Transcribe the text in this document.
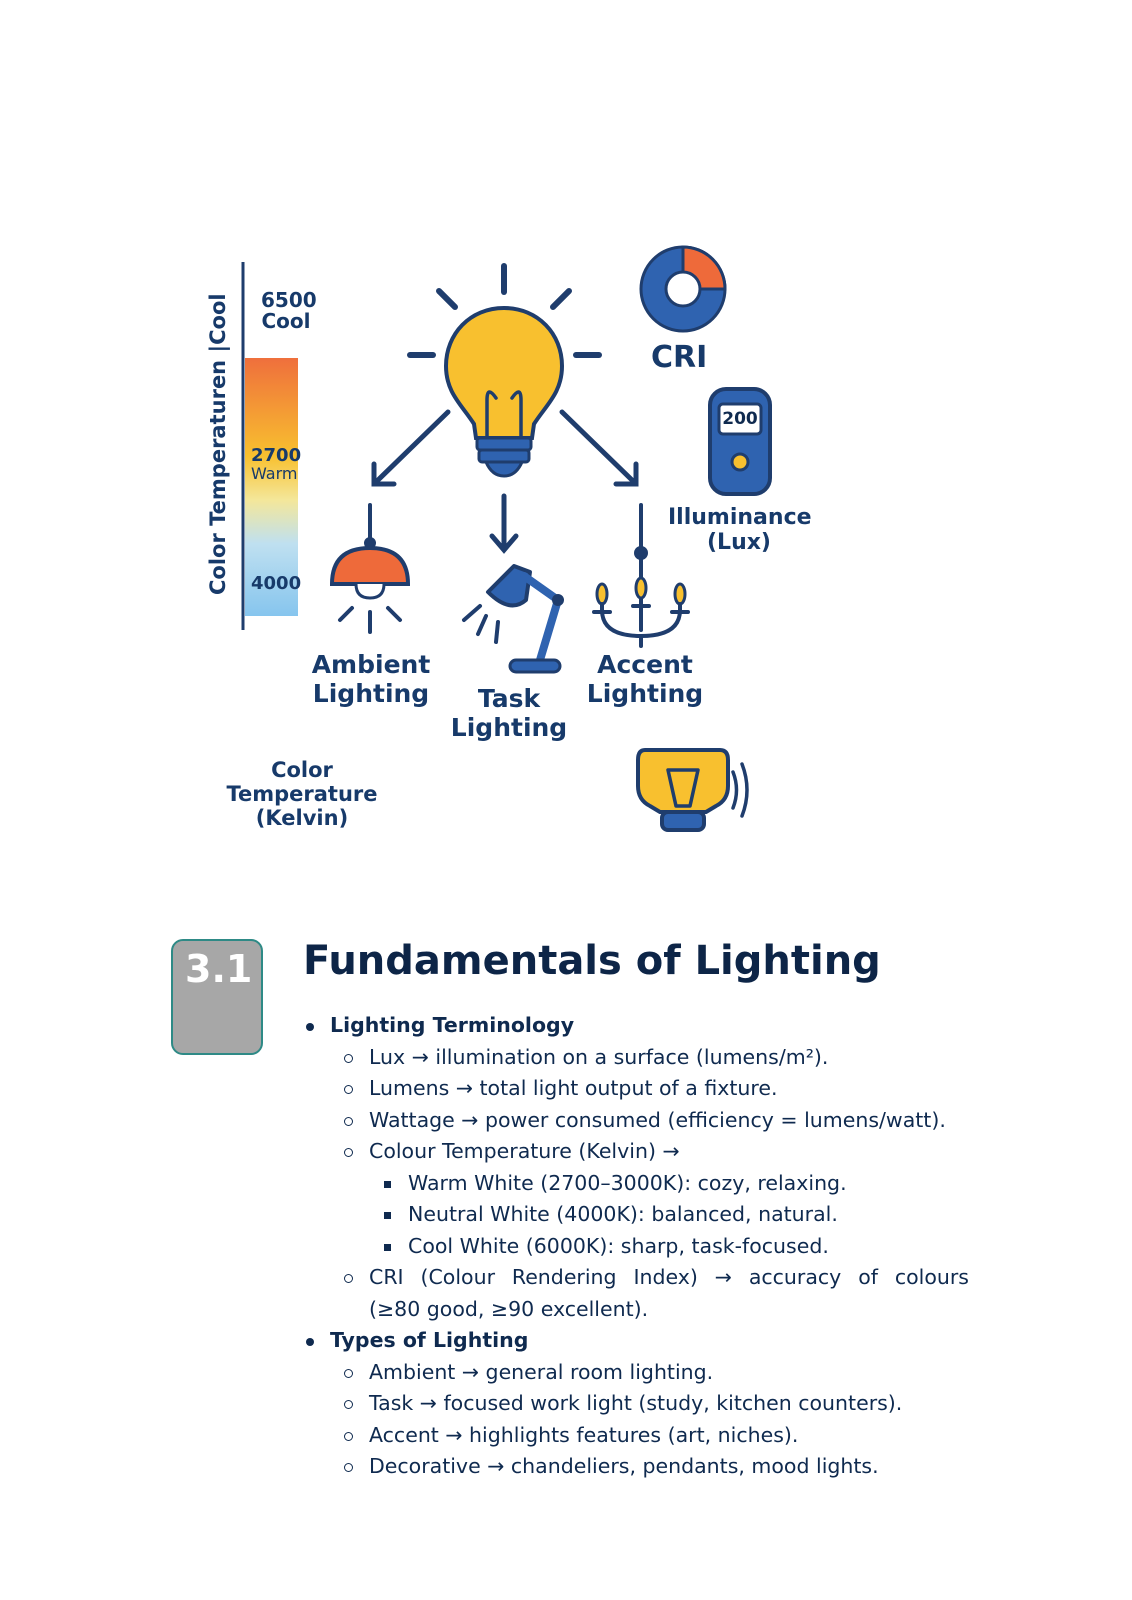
Color Temperaturen |Cool 6500
Cool
2700
Warm
4000
CRI
200
Illuminance
(Lux)
Ambient
Lighting	Task
Lighting
Accent
Lighting
Color
Temperature
(Kelvin)
3.1 Fundamentals of Lighting
Lighting Terminology
Lux → illumination on a surface (lumens/m²).
Lumens → total light output of a fixture.
Wattage → power consumed (efficiency = lumens/watt).
Colour Temperature (Kelvin) →
Warm White (2700–3000K): cozy, relaxing.
Neutral White (4000K): balanced, natural.
Cool White (6000K): sharp, task-focused.
CRI (Colour Rendering Index) → accuracy of colours
(≥80 good, ≥90 excellent).
Types of Lighting
Ambient → general room lighting.
Task → focused work light (study, kitchen counters).
Accent → highlights features (art, niches).
Decorative → chandeliers, pendants, mood lights.
